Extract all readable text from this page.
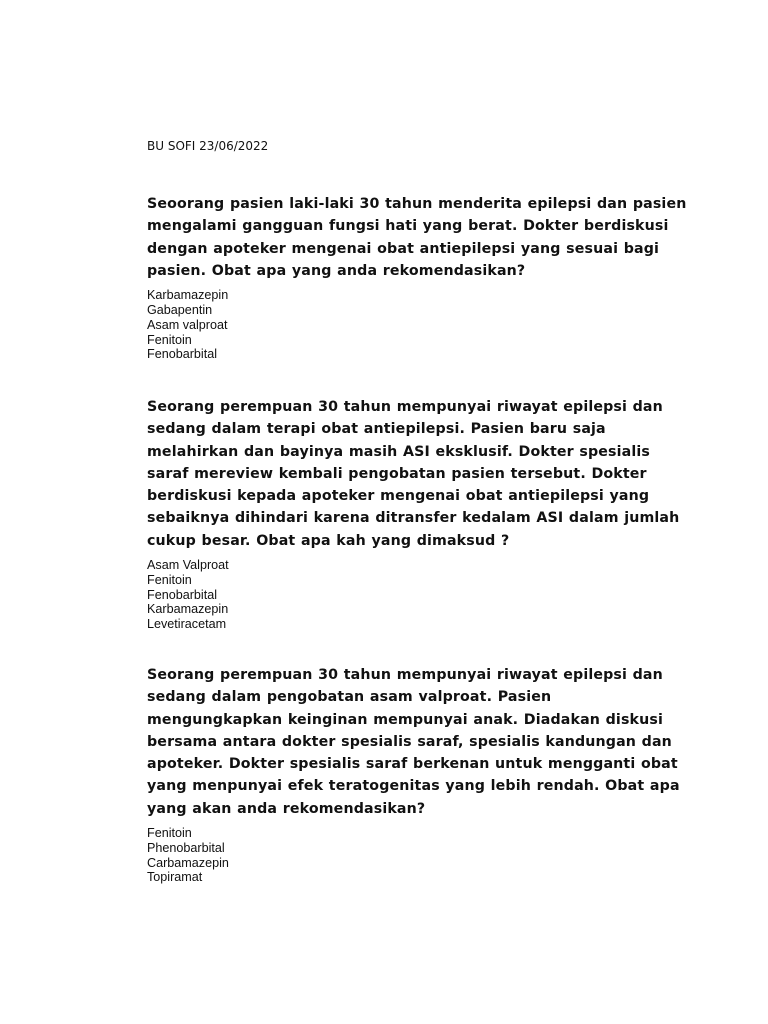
BU SOFI 23/06/2022

Seoorang pasien laki-laki 30 tahun menderita epilepsi dan pasien mengalami gangguan fungsi hati yang berat. Dokter berdiskusi dengan apoteker mengenai obat antiepilepsi yang sesuai bagi pasien. Obat apa yang anda rekomendasikan?

Karbamazepin
Gabapentin
Asam valproat
Fenitoin
Fenobarbital

Seorang perempuan 30 tahun mempunyai riwayat epilepsi dan sedang dalam terapi obat antiepilepsi. Pasien baru saja melahirkan dan bayinya masih ASI eksklusif. Dokter spesialis saraf mereview kembali pengobatan pasien tersebut. Dokter berdiskusi kepada apoteker mengenai obat antiepilepsi yang sebaiknya dihindari karena ditransfer kedalam ASI dalam jumlah cukup besar. Obat apa kah yang dimaksud ?

Asam Valproat
Fenitoin
Fenobarbital
Karbamazepin
Levetiracetam

Seorang perempuan 30 tahun mempunyai riwayat epilepsi dan sedang dalam pengobatan asam valproat. Pasien mengungkapkan keinginan mempunyai anak. Diadakan diskusi bersama antara dokter spesialis saraf, spesialis kandungan dan apoteker. Dokter spesialis saraf berkenan untuk mengganti obat yang menpunyai efek teratogenitas yang lebih rendah. Obat apa yang akan anda rekomendasikan?

Fenitoin
Phenobarbital
Carbamazepin
Topiramat
